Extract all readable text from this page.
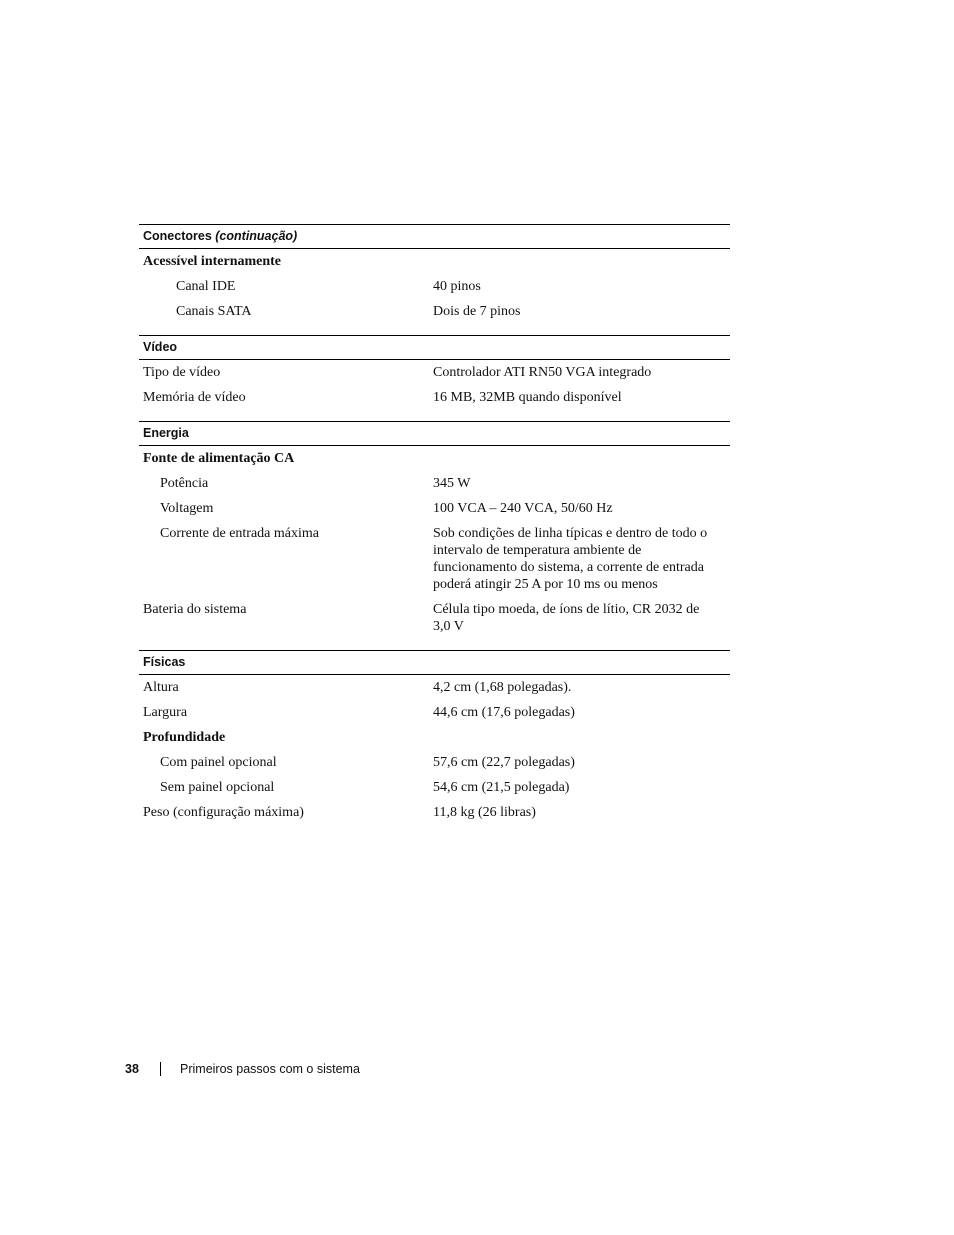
Conectores (continuação)
Acessível internamente
Canal IDE	40 pinos
Canais SATA	Dois de 7 pinos
Vídeo
Tipo de vídeo	Controlador ATI RN50 VGA integrado
Memória de vídeo	16 MB, 32MB quando disponível
Energia
Fonte de alimentação CA
Potência	345 W
Voltagem	100 VCA – 240 VCA, 50/60 Hz
Corrente de entrada máxima	Sob condições de linha típicas e dentro de todo o intervalo de temperatura ambiente de funcionamento do sistema, a corrente de entrada poderá atingir 25 A por 10 ms ou menos
Bateria do sistema	Célula tipo moeda, de íons de lítio, CR 2032 de 3,0 V
Físicas
Altura	4,2 cm (1,68 polegadas).
Largura	44,6 cm (17,6 polegadas)
Profundidade
Com painel opcional	57,6 cm (22,7 polegadas)
Sem painel opcional	54,6 cm (21,5 polegada)
Peso (configuração máxima)	11,8 kg (26 libras)
38	Primeiros passos com o sistema
